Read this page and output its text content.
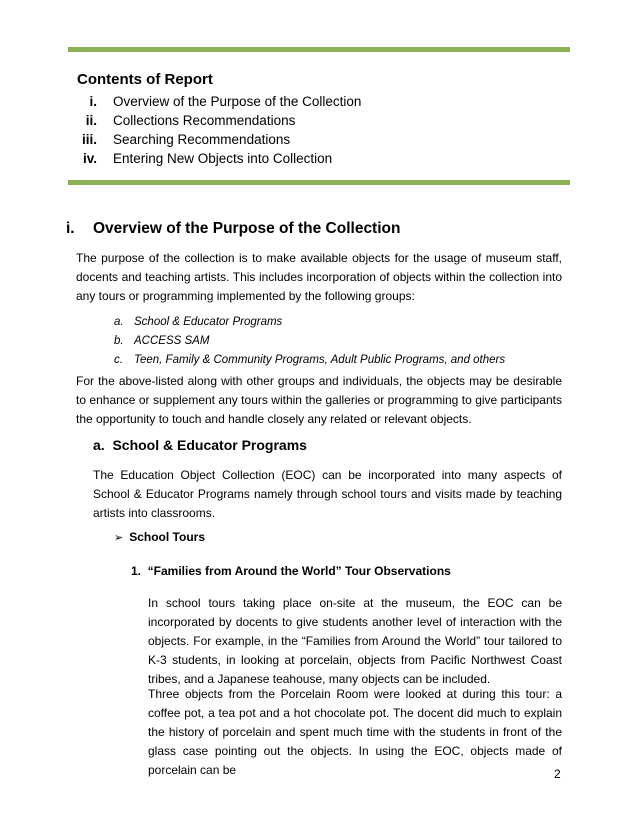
Contents of Report
i. Overview of the Purpose of the Collection
ii. Collections Recommendations
iii. Searching Recommendations
iv. Entering New Objects into Collection
i. Overview of the Purpose of the Collection

The purpose of the collection is to make available objects for the usage of museum staff, docents and teaching artists. This includes incorporation of objects within the collection into any tours or programming implemented by the following groups:

a. School & Educator Programs
b. ACCESS SAM
c. Teen, Family & Community Programs, Adult Public Programs, and others

For the above-listed along with other groups and individuals, the objects may be desirable to enhance or supplement any tours within the galleries or programming to give participants the opportunity to touch and handle closely any related or relevant objects.

a.  School & Educator Programs

The Education Object Collection (EOC) can be incorporated into many aspects of School & Educator Programs namely through school tours and visits made by teaching artists into classrooms.

➢ School Tours
1.  “Families from Around the World” Tour Observations

In school tours taking place on-site at the museum, the EOC can be incorporated by docents to give students another level of interaction with the objects. For example, in the “Families from Around the World” tour tailored to K-3 students, in looking at porcelain, objects from Pacific Northwest Coast tribes, and a Japanese teahouse, many objects can be included.

Three objects from the Porcelain Room were looked at during this tour: a coffee pot, a tea pot and a hot chocolate pot. The docent did much to explain the history of porcelain and spent much time with the students in front of the glass case pointing out the objects. In using the EOC, objects made of porcelain can be	2
